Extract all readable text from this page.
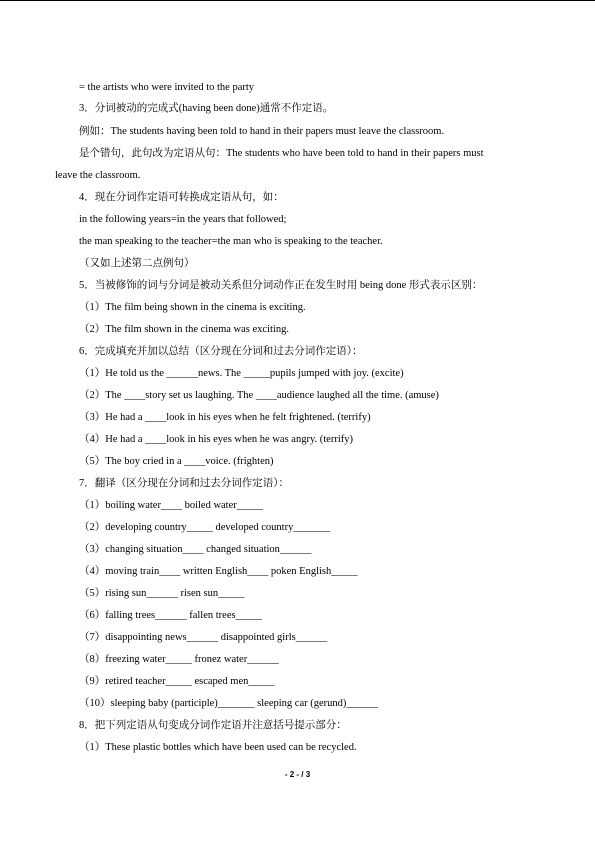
= the artists who were invited to the party
3．分词被动的完成式(having been done)通常不作定语。
例如：The students having been told to hand in their papers must leave the classroom.
是个错句，此句改为定语从句：The students who have been told to hand in their papers must
leave the classroom.
4．现在分词作定语可转换成定语从句，如：
in the following years=in the years that followed;
the man speaking to the teacher=the man who is speaking to the teacher.
（又如上述第二点例句）
5．当被修饰的词与分词是被动关系但分词动作正在发生时用 being done 形式表示区别：
（1）The film being shown in the cinema is exciting.
（2）The film shown in the cinema was exciting.
6．完成填充并加以总结（区分现在分词和过去分词作定语）：
（1）He told us the ______news. The _____pupils jumped with joy. (excite)
（2）The ____story set us laughing. The ____audience laughed all the time. (amuse)
（3）He had a ____look in his eyes when he felt frightened. (terrify)
（4）He had a ____look in his eyes when he was angry. (terrify)
（5）The boy cried in a ____voice. (frighten)
7．翻译（区分现在分词和过去分词作定语）：
（1）boiling water____ boiled water_____
（2）developing country_____ developed country_______
（3）changing situation____ changed situation______
（4）moving train____ written English____ poken English_____
（5）rising sun______ risen sun_____
（6）falling trees______ fallen trees_____
（7）disappointing news______ disappointed girls______
（8）freezing water_____ fronez water______
（9）retired teacher_____ escaped men_____
（10）sleeping baby (participle)_______ sleeping car (gerund)______
8．把下列定语从句变成分词作定语并注意括号提示部分：
（1）These plastic bottles which have been used can be recycled.
- 2 - / 3
